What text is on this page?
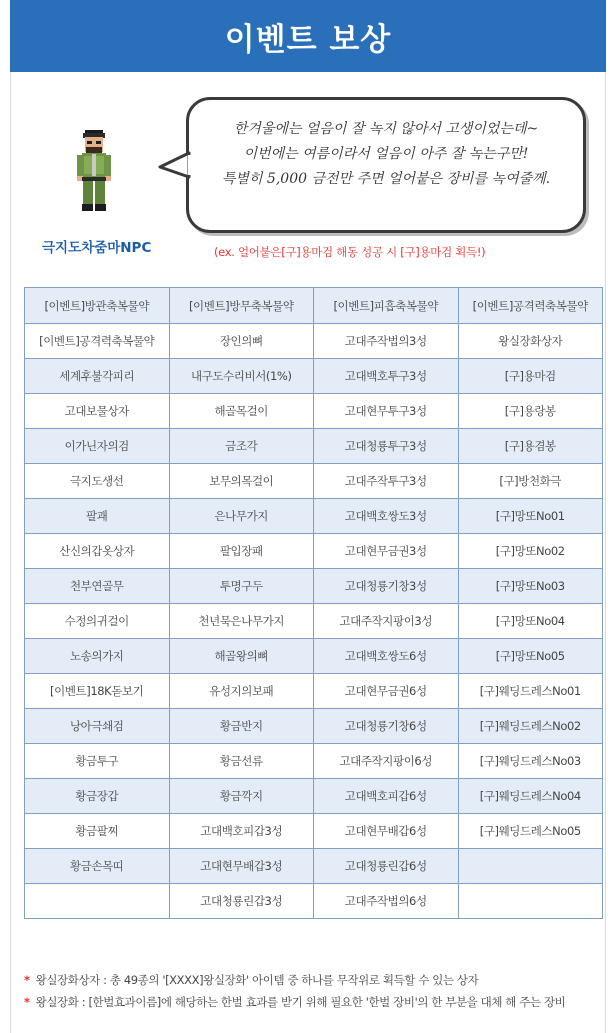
이벤트 보상
극지도차줌마NPC
한겨울에는 얼음이 잘 녹지 않아서 고생이었는데~
이번에는 여름이라서 얼음이 아주 잘 녹는구만!
특별히 5,000 금전만 주면 얼어붙은 장비를 녹여줄께.
(ex. 얼어붙은[구]용마검 해동 성공 시 [구]용마검 획득!)
[이벤트]방관축복물약	[이벤트]방무축복물약	[이벤트]피흡축복물약	[이벤트]공격력축복물약
[이벤트]공격력축복물약	장인의뼈	고대주작법의3성	왕실장화상자
세계후불각피리	내구도수리비서(1%)	고대백호투구3성	[구]용마검
고대보물상자	해골목걸이	고대현무투구3성	[구]용랑봉
이가닌자의검	금조각	고대청룡투구3성	[구]용겸봉
극지도생선	보무의목걸이	고대주작투구3성	[구]방천화극
팔괘	은나무가지	고대백호쌍도3성	[구]망또No01
산신의갑옷상자	팔입장패	고대현무금권3성	[구]망또No02
천부연골무	투명구두	고대청룡기창3성	[구]망또No03
수정의귀걸이	천년묵은나무가지	고대주작지팡이3성	[구]망또No04
노송의가지	해골왕의뼈	고대백호쌍도6성	[구]망또No05
[이벤트]18K돋보기	유성지의보패	고대현무금권6성	[구]웨딩드레스No01
낭아극쇄검	황금반지	고대청룡기창6성	[구]웨딩드레스No02
황금투구	황금선류	고대주작지팡이6성	[구]웨딩드레스No03
황금장갑	황금깍지	고대백호피갑6성	[구]웨딩드레스No04
황금팔찌	고대백호피갑3성	고대현무배갑6성	[구]웨딩드레스No05
황금손목띠	고대현무배갑3성	고대청룡린갑6성	
	고대청룡린갑3성	고대주작법의6성	
* 왕실장화상자 : 총 49종의 '[XXXX]왕실장화' 아이템 중 하나를 무작위로 획득할 수 있는 상자
* 왕실장화 : [한벌효과이름]에 해당하는 한벌 효과를 받기 위해 필요한 '한벌 장비'의 한 부분을 대체 해 주는 장비
